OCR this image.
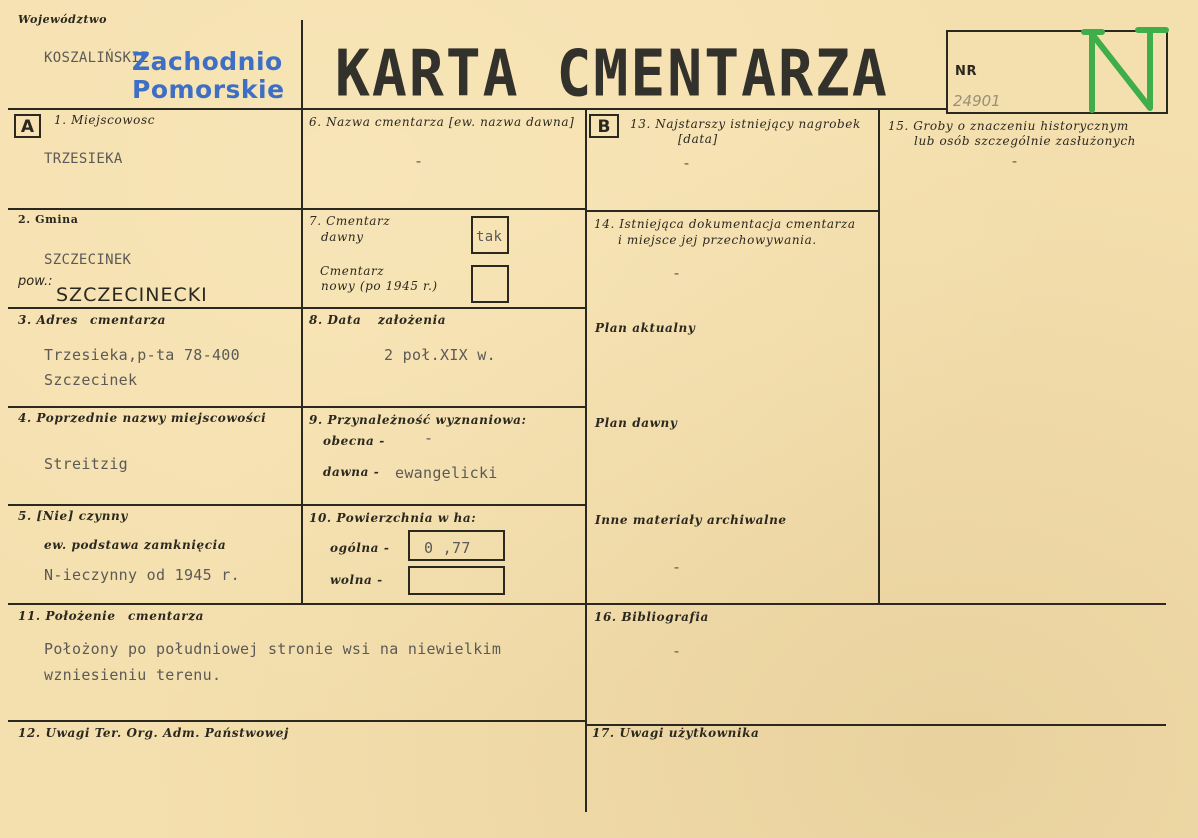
Województwo
KOSZALIŃSKIE
Zachodnio
Pomorskie KARTA CMENTARZA	NR
24901
A	B
1. Miejscowosc
TRZESIEKA
2. Gmina
SZCZECINEK
pow.:
SZCZECINECKI
3. Adres cmentarza
Trzesieka,p-ta 78-400
Szczecinek
4. Poprzednie nazwy miejscowości
Streitzig
5. [Nie] czynny
ew. podstawa zamknięcia
N-ieczynny od 1945 r.
6. Nazwa cmentarza [ew. nazwa dawna]
-
7. Cmentarz
dawny	tak
Cmentarz
nowy (po 1945 r.)
8. Data założenia
2 poł.XIX w.
9. Przynależność wyznaniowa:
obecna -	-
dawna - ewangelicki
10. Powierzchnia w ha:
ogólna - 0 ,77
wolna -
11. Położenie cmentarza
Położony po południowej stronie wsi na niewielkim
wzniesieniu terenu.
12. Uwagi Ter. Org. Adm. Państwowej
13. Najstarszy istniejący nagrobek
[data]
-
14. Istniejąca dokumentacja cmentarza
i miejsce jej przechowywania.
-
Plan aktualny
Plan dawny
Inne materiały archiwalne
-
15. Groby o znaczeniu historycznym
lub osób szczególnie zasłużonych
-
16. Bibliografia
-
17. Uwagi użytkownika
